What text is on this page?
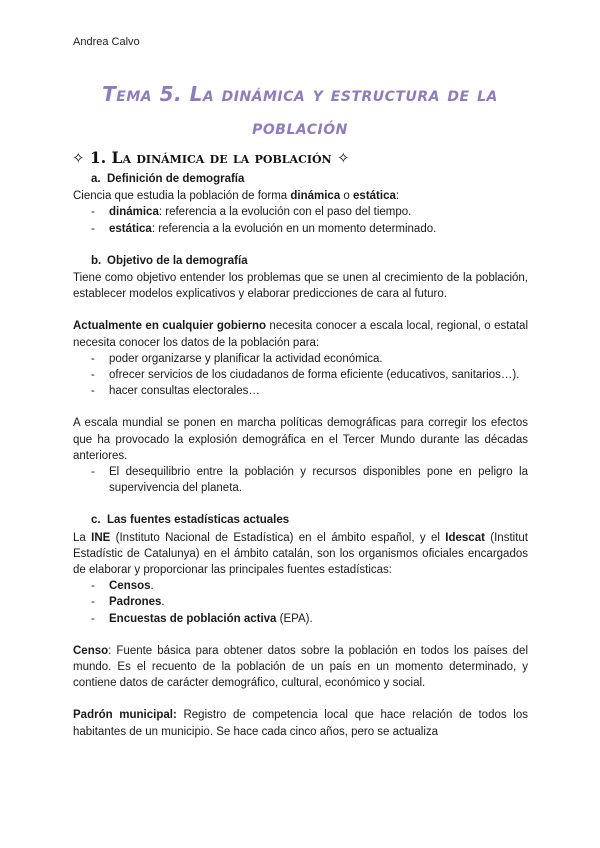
Andrea Calvo
Tema 5. La dinámica y estructura de la población
✧ 1. La dinámica de la población ✧
a. Definición de demografía

Ciencia que estudia la población de forma dinámica o estática:

- dinámica: referencia a la evolución con el paso del tiempo.
- estática: referencia a la evolución en un momento determinado.
b. Objetivo de la demografía

Tiene como objetivo entender los problemas que se unen al crecimiento de la población, establecer modelos explicativos y elaborar predicciones de cara al futuro.

Actualmente en cualquier gobierno necesita conocer a escala local, regional, o estatal necesita conocer los datos de la población para:

- poder organizarse y planificar la actividad económica.
- ofrecer servicios de los ciudadanos de forma eficiente (educativos, sanitarios…).
- hacer consultas electorales…

A escala mundial se ponen en marcha políticas demográficas para corregir los efectos que ha provocado la explosión demográfica en el Tercer Mundo durante las décadas anteriores.

- El desequilibrio entre la población y recursos disponibles pone en peligro la supervivencia del planeta.
c. Las fuentes estadísticas actuales

La INE (Instituto Nacional de Estadística) en el ámbito español, y el Idescat (Institut Estadístic de Catalunya) en el ámbito catalán, son los organismos oficiales encargados de elaborar y proporcionar las principales fuentes estadísticas:

- Censos.
- Padrones.
- Encuestas de población activa (EPA).

Censo: Fuente básica para obtener datos sobre la población en todos los países del mundo. Es el recuento de la población de un país en un momento determinado, y contiene datos de carácter demográfico, cultural, económico y social.

Padrón municipal: Registro de competencia local que hace relación de todos los habitantes de un municipio. Se hace cada cinco años, pero se actualiza
